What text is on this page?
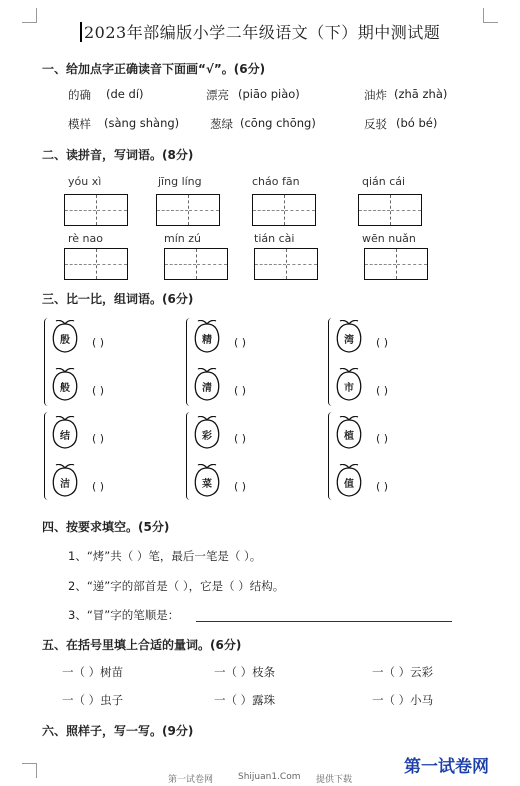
2023年部编版小学二年级语文（下）期中测试题
一、给加点字正确读音下面画“√”。(6分)
的确 (de dí)	漂亮 (piāo piào)	油炸 (zhā zhà)
模样 (sàng shàng)	葱绿 (cōng chōng)	反驳 (bó bé)
二、读拼音，写词语。(8分)
yóu xì	jīng líng	cháo fān	qián cái
rè nao	mín zú	tián cài	wēn nuǎn
三、比一比，组词语。(6分)
殷 ( )	精 ( )	湾 ( )
般 ( )	清 ( )	市 ( )
结 ( )	彩 ( )	植 ( )
洁 ( )	菜 ( )	值 ( )
四、按要求填空。(5分)
1、“烤”共（ ）笔，最后一笔是（ ）。
2、“递”字的部首是（ ），它是（ ）结构。
3、“冒”字的笔顺是：
五、在括号里填上合适的量词。(6分)
一（ ）树苗	一（ ）枝条	一（ ）云彩
一（ ）虫子	一（ ）露珠	一（ ）小马
六、照样子，写一写。(9分)
第一试卷网	Shijuan1.Com 提供下载
第一试卷网
